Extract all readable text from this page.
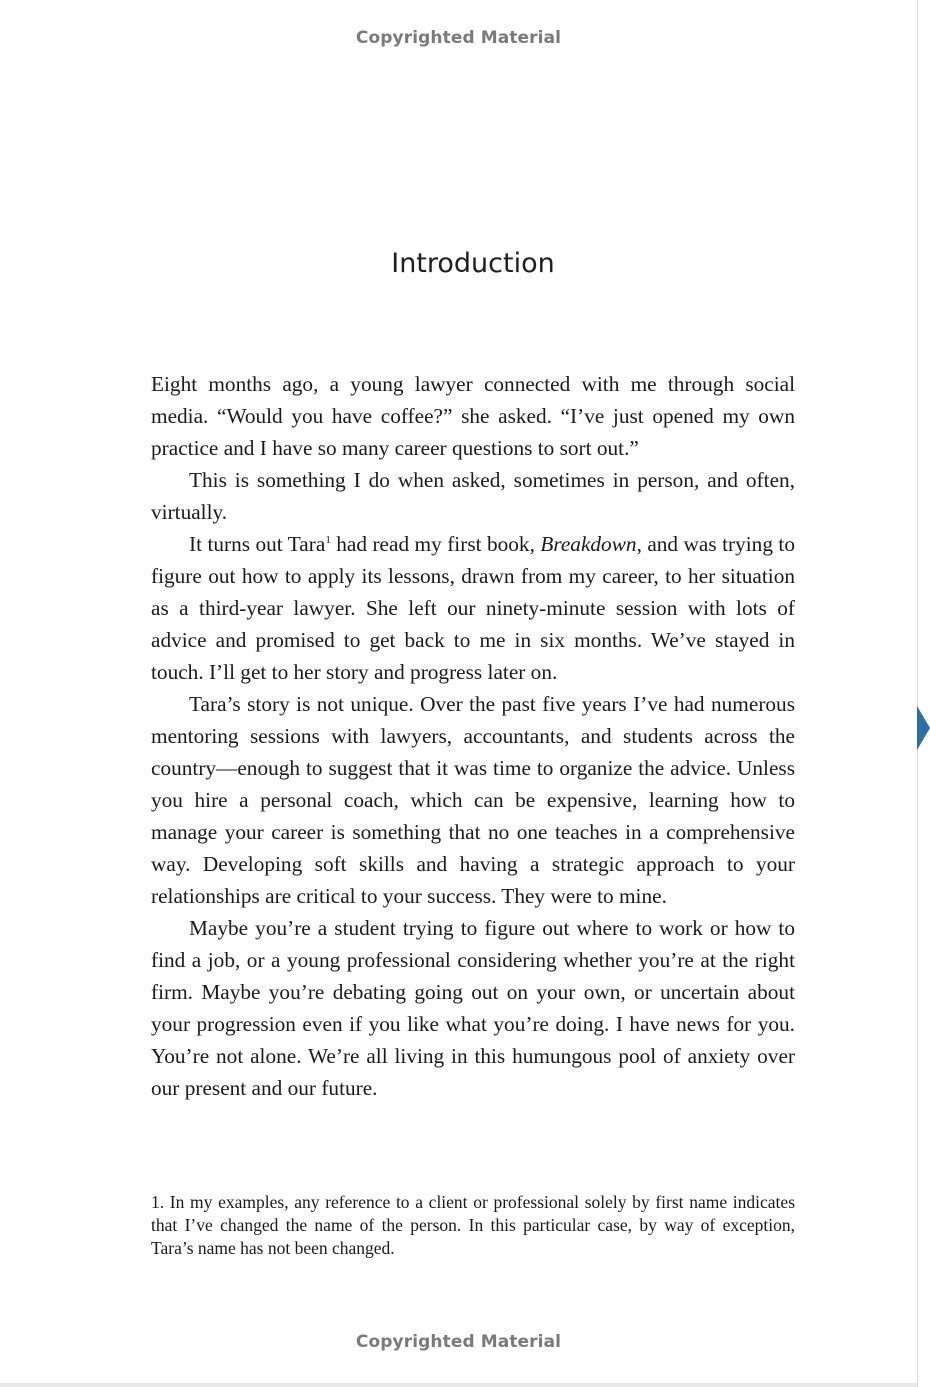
Copyrighted Material
Introduction

Eight months ago, a young lawyer connected with me through social media. “Would you have coffee?” she asked. “I’ve just opened my own practice and I have so many career questions to sort out.”

This is something I do when asked, sometimes in person, and often, virtually.

It turns out Tara$^1$ had read my first book, Breakdown, and was trying to figure out how to apply its lessons, drawn from my career, to her situation as a third-year lawyer. She left our ninety-minute session with lots of advice and promised to get back to me in six months. We’ve stayed in touch. I’ll get to her story and progress later on.

Tara’s story is not unique. Over the past five years I’ve had numerous mentoring sessions with lawyers, accountants, and students across the country—enough to suggest that it was time to organize the advice. Unless you hire a personal coach, which can be expensive, learning how to manage your career is something that no one teaches in a comprehensive way. Developing soft skills and having a strategic approach to your relationships are critical to your success. They were to mine.

Maybe you’re a student trying to figure out where to work or how to find a job, or a young professional considering whether you’re at the right firm. Maybe you’re debating going out on your own, or uncertain about your progression even if you like what you’re doing. I have news for you. You’re not alone. We’re all living in this humungous pool of anxiety over our present and our future.

1. In my examples, any reference to a client or professional solely by first name indicates that I’ve changed the name of the person. In this particular case, by way of exception, Tara’s name has not been changed.
Copyrighted Material
